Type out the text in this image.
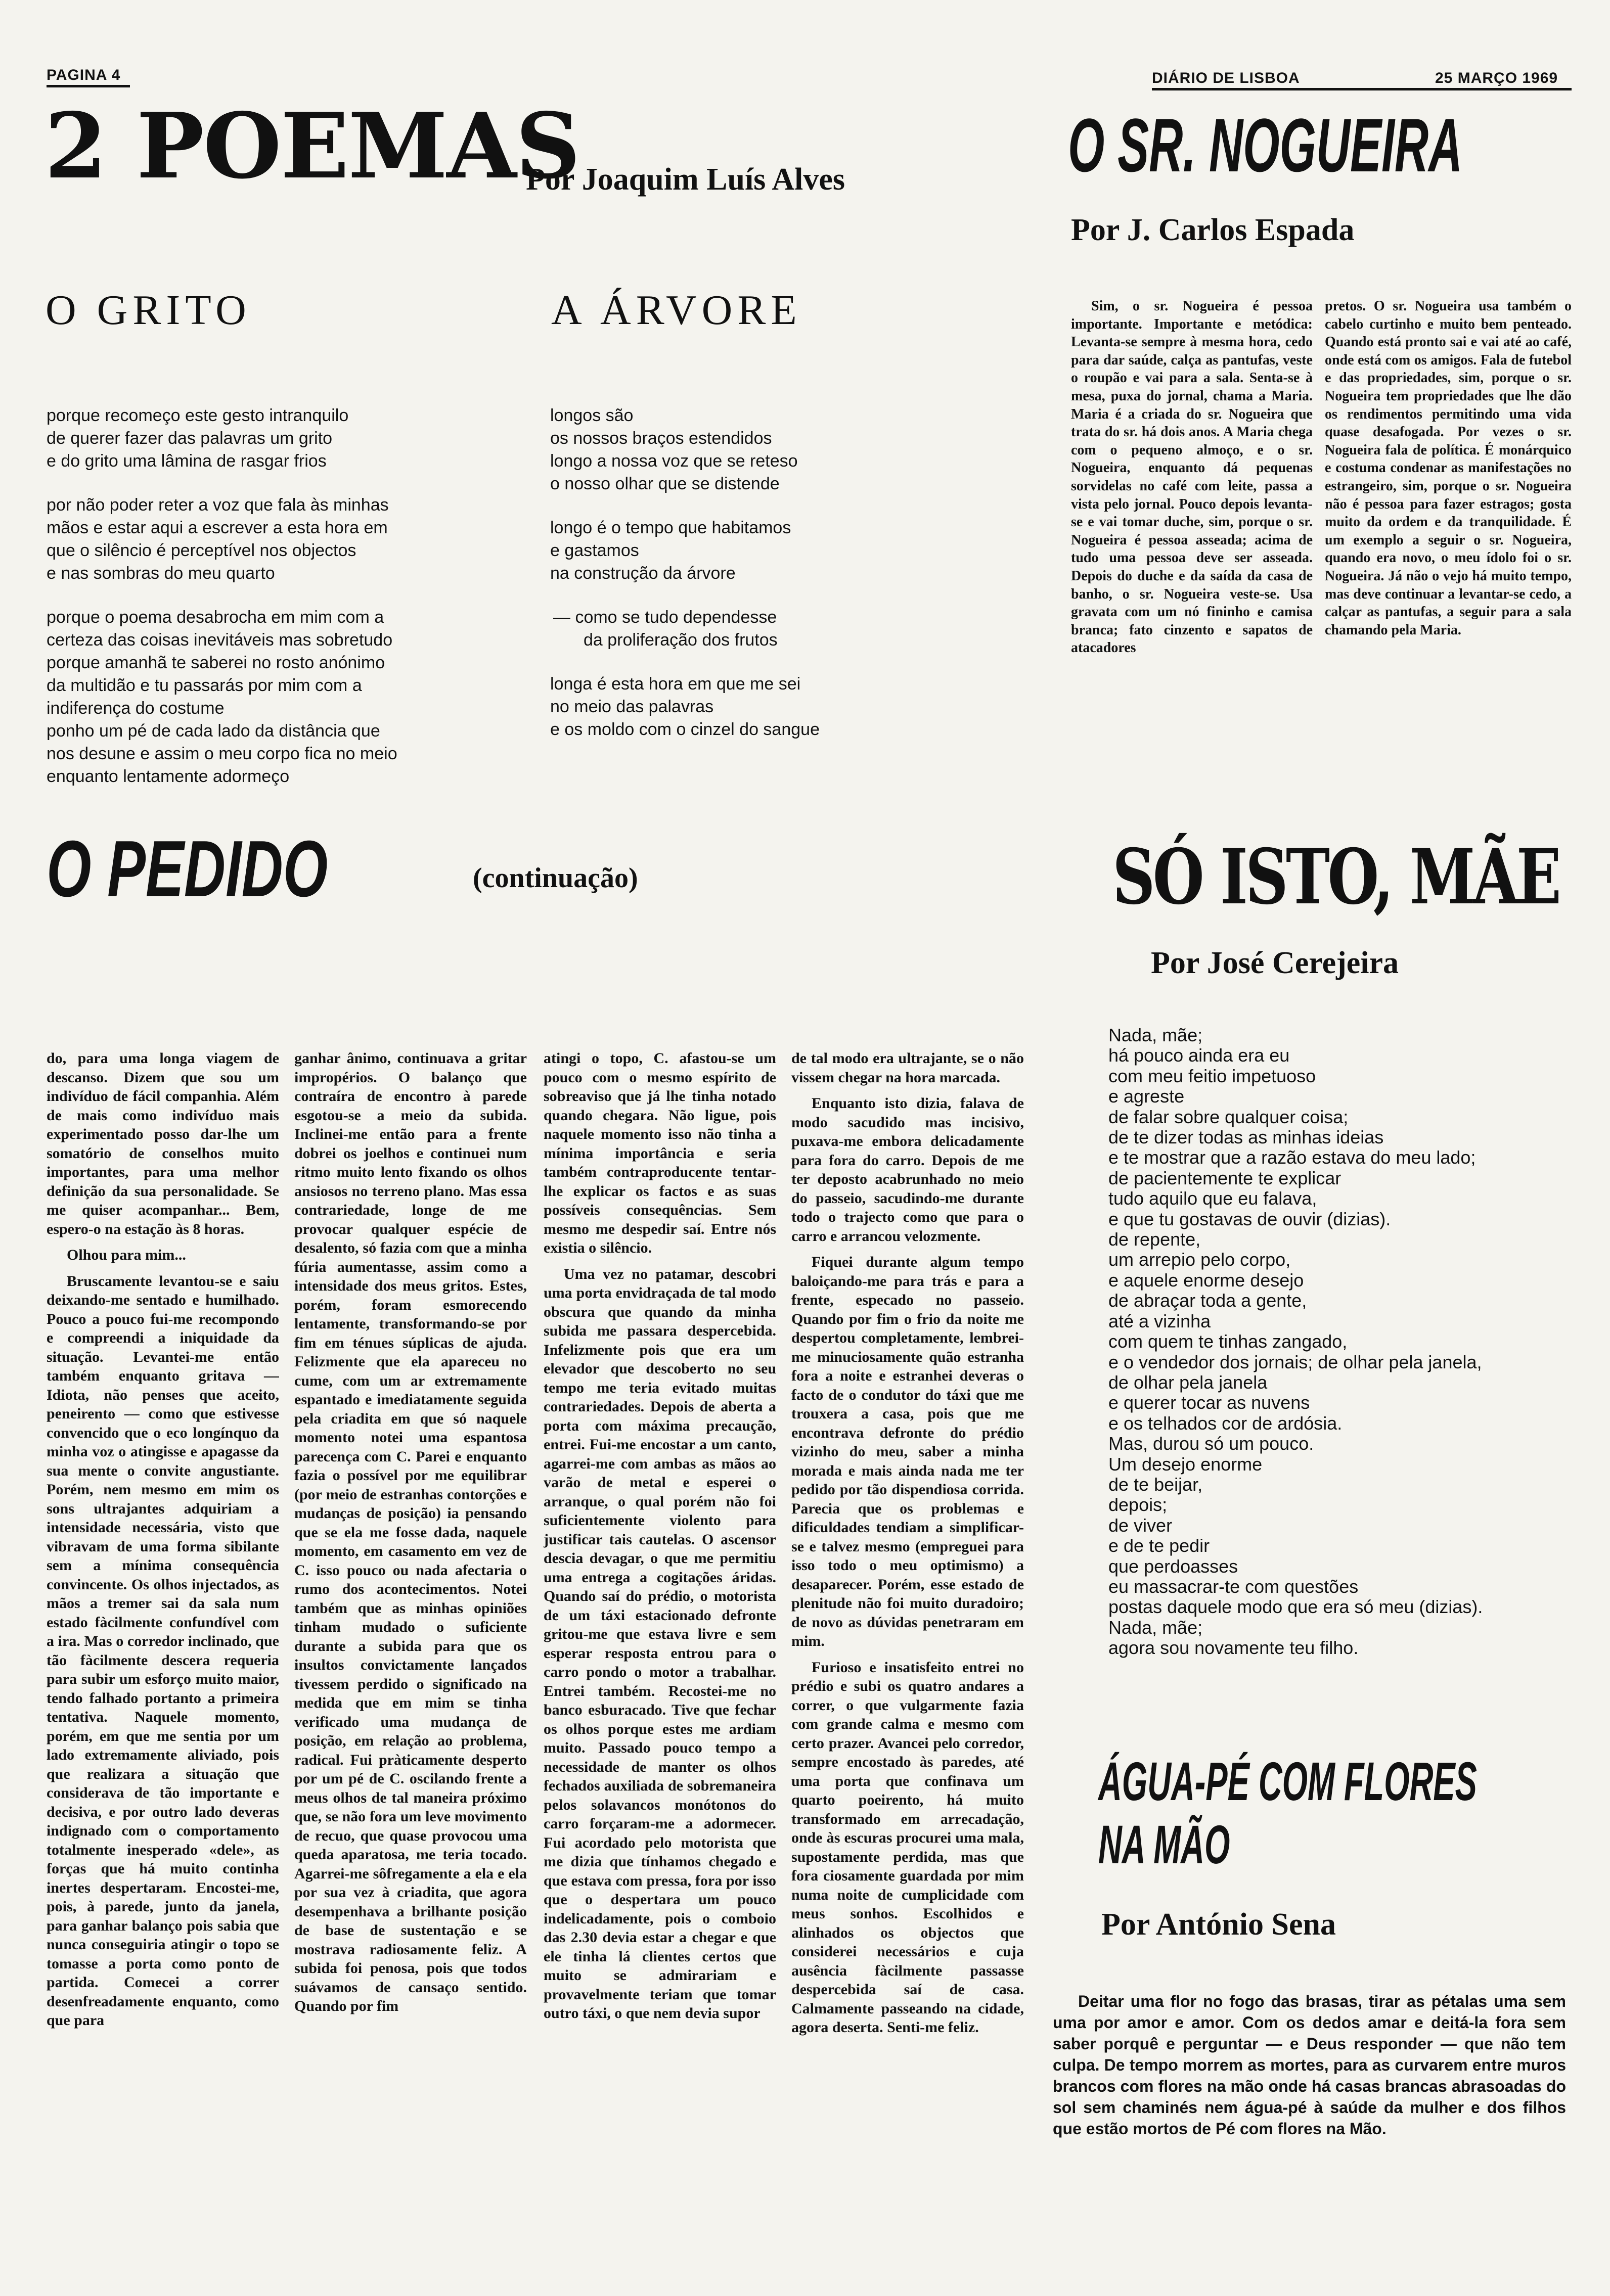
PAGINA 4	DIÁRIO DE LISBOA	25 MARÇO 1969
2 POEMAS
Por Joaquim Luís Alves
O GRITO	A ÁRVORE
porque recomeço este gesto intranquilo
de querer fazer das palavras um grito
e do grito uma lâmina de rasgar frios
por não poder reter a voz que fala às minhas
mãos e estar aqui a escrever a esta hora em
que o silêncio é perceptível nos objectos
e nas sombras do meu quarto
porque o poema desabrocha em mim com a
certeza das coisas inevitáveis mas sobretudo
porque amanhã te saberei no rosto anónimo
da multidão e tu passarás por mim com a
indiferença do costume
ponho um pé de cada lado da distância que
nos desune e assim o meu corpo fica no meio
enquanto lentamente adormeço
longos são
os nossos braços estendidos
longo a nossa voz que se reteso
o nosso olhar que se distende
longo é o tempo que habitamos
e gastamos
na construção da árvore
— como se tudo dependesse
da proliferação dos frutos
longa é esta hora em que me sei
no meio das palavras
e os moldo com o cinzel do sangue
O SR. NOGUEIRA
Por J. Carlos Espada

Sim, o sr. Nogueira é pessoa importante. Importante e metódica: Levanta-se sempre à mesma hora, cedo para dar saúde, calça as pantufas, veste o roupão e vai para a sala. Senta-se à mesa, puxa do jornal, chama a Maria. Maria é a criada do sr. Nogueira que trata do sr. há dois anos. A Maria chega com o pequeno almoço, e o sr. Nogueira, enquanto dá pequenas sorvidelas no café com leite, passa a vista pelo jornal. Pouco depois levanta-se e vai tomar duche, sim, porque o sr. Nogueira é pessoa asseada; acima de tudo uma pessoa deve ser asseada. Depois do duche e da saída da casa de banho, o sr. Nogueira veste-se. Usa gravata com um nó fininho e camisa branca; fato cinzento e sapatos de atacadores

pretos. O sr. Nogueira usa também o cabelo curtinho e muito bem penteado. Quando está pronto sai e vai até ao café, onde está com os amigos. Fala de futebol e das propriedades, sim, porque o sr. Nogueira tem propriedades que lhe dão os rendimentos permitindo uma vida quase desafogada. Por vezes o sr. Nogueira fala de política. É monárquico e costuma condenar as manifestações no estrangeiro, sim, porque o sr. Nogueira não é pessoa para fazer estragos; gosta muito da ordem e da tranquilidade. É um exemplo a seguir o sr. Nogueira, quando era novo, o meu ídolo foi o sr. Nogueira. Já não o vejo há muito tempo, mas deve continuar a levantar-se cedo, a calçar as pantufas, a seguir para a sala chamando pela Maria.

O PEDIDO	(continuação)

do, para uma longa viagem de descanso. Dizem que sou um indivíduo de fácil companhia. Além de mais como indivíduo mais experimentado posso dar-lhe um somatório de conselhos muito importantes, para uma melhor definição da sua personalidade. Se me quiser acompanhar... Bem, espero-o na estação às 8 horas.

Olhou para mim...

Bruscamente levantou-se e saiu deixando-me sentado e humilhado. Pouco a pouco fui-me recompondo e compreendi a iniquidade da situação. Levantei-me então também enquanto gritava — Idiota, não penses que aceito, peneirento — como que estivesse convencido que o eco longínquo da minha voz o atingisse e apagasse da sua mente o convite angustiante. Porém, nem mesmo em mim os sons ultrajantes adquiriam a intensidade necessária, visto que vibravam de uma forma sibilante sem a mínima consequência convincente. Os olhos injectados, as mãos a tremer sai da sala num estado fàcilmente confundível com a ira. Mas o corredor inclinado, que tão fàcilmente descera requeria para subir um esforço muito maior, tendo falhado portanto a primeira tentativa. Naquele momento, porém, em que me sentia por um lado extremamente aliviado, pois que realizara a situação que considerava de tão importante e decisiva, e por outro lado deveras indignado com o comportamento totalmente inesperado «dele», as forças que há muito continha inertes despertaram. Encostei-me, pois, à parede, junto da janela, para ganhar balanço pois sabia que nunca conseguiria atingir o topo se tomasse a porta como ponto de partida. Comecei a correr desenfreadamente enquanto, como que para

ganhar ânimo, continuava a gritar impropérios. O balanço que contraíra de encontro à parede esgotou-se a meio da subida. Inclinei-me então para a frente dobrei os joelhos e continuei num ritmo muito lento fixando os olhos ansiosos no terreno plano. Mas essa contrariedade, longe de me provocar qualquer espécie de desalento, só fazia com que a minha fúria aumentasse, assim como a intensidade dos meus gritos. Estes, porém, foram esmorecendo lentamente, transformando-se por fim em ténues súplicas de ajuda. Felizmente que ela apareceu no cume, com um ar extremamente espantado e imediatamente seguida pela criadita em que só naquele momento notei uma espantosa parecença com C. Parei e enquanto fazia o possível por me equilibrar (por meio de estranhas contorções e mudanças de posição) ia pensando que se ela me fosse dada, naquele momento, em casamento em vez de C. isso pouco ou nada afectaria o rumo dos acontecimentos. Notei também que as minhas opiniões tinham mudado o suficiente durante a subida para que os insultos convictamente lançados tivessem perdido o significado na medida que em mim se tinha verificado uma mudança de posição, em relação ao problema, radical. Fui pràticamente desperto por um pé de C. oscilando frente a meus olhos de tal maneira próximo que, se não fora um leve movimento de recuo, que quase provocou uma queda aparatosa, me teria tocado. Agarrei-me sôfregamente a ela e ela por sua vez à criadita, que agora desempenhava a brilhante posição de base de sustentação e se mostrava radiosamente feliz. A subida foi penosa, pois que todos suávamos de cansaço sentido. Quando por fim

atingi o topo, C. afastou-se um pouco com o mesmo espírito de sobreaviso que já lhe tinha notado quando chegara. Não ligue, pois naquele momento isso não tinha a mínima importância e seria também contraproducente tentar-lhe explicar os factos e as suas possíveis consequências. Sem mesmo me despedir saí. Entre nós existia o silêncio.

Uma vez no patamar, descobri uma porta envidraçada de tal modo obscura que quando da minha subida me passara despercebida. Infelizmente pois que era um elevador que descoberto no seu tempo me teria evitado muitas contrariedades. Depois de aberta a porta com máxima precaução, entrei. Fui-me encostar a um canto, agarrei-me com ambas as mãos ao varão de metal e esperei o arranque, o qual porém não foi suficientemente violento para justificar tais cautelas. O ascensor descia devagar, o que me permitiu uma entrega a cogitações áridas. Quando saí do prédio, o motorista de um táxi estacionado defronte gritou-me que estava livre e sem esperar resposta entrou para o carro pondo o motor a trabalhar. Entrei também. Recostei-me no banco esburacado. Tive que fechar os olhos porque estes me ardiam muito. Passado pouco tempo a necessidade de manter os olhos fechados auxiliada de sobremaneira pelos solavancos monótonos do carro forçaram-me a adormecer. Fui acordado pelo motorista que me dizia que tínhamos chegado e que estava com pressa, fora por isso que o despertara um pouco indelicadamente, pois o comboio das 2.30 devia estar a chegar e que ele tinha lá clientes certos que muito se admirariam e provavelmente teriam que tomar outro táxi, o que nem devia supor

de tal modo era ultrajante, se o não vissem chegar na hora marcada.

Enquanto isto dizia, falava de modo sacudido mas incisivo, puxava-me embora delicadamente para fora do carro. Depois de me ter deposto acabrunhado no meio do passeio, sacudindo-me durante todo o trajecto como que para o carro e arrancou velozmente.

Fiquei durante algum tempo baloiçando-me para trás e para a frente, especado no passeio. Quando por fim o frio da noite me despertou completamente, lembrei-me minuciosamente quão estranha fora a noite e estranhei deveras o facto de o condutor do táxi que me trouxera a casa, pois que me encontrava defronte do prédio vizinho do meu, saber a minha morada e mais ainda nada me ter pedido por tão dispendiosa corrida. Parecia que os problemas e dificuldades tendiam a simplificar-se e talvez mesmo (empreguei para isso todo o meu optimismo) a desaparecer. Porém, esse estado de plenitude não foi muito duradoiro; de novo as dúvidas penetraram em mim.

Furioso e insatisfeito entrei no prédio e subi os quatro andares a correr, o que vulgarmente fazia com grande calma e mesmo com certo prazer. Avancei pelo corredor, sempre encostado às paredes, até uma porta que confinava um quarto poeirento, há muito transformado em arrecadação, onde às escuras procurei uma mala, supostamente perdida, mas que fora ciosamente guardada por mim numa noite de cumplicidade com meus sonhos. Escolhidos e alinhados os objectos que considerei necessários e cuja ausência fàcilmente passasse despercebida saí de casa. Calmamente passeando na cidade, agora deserta. Senti-me feliz.

SÓ ISTO, MÃE
Por José Cerejeira
Nada, mãe;
há pouco ainda era eu
com meu feitio impetuoso
e agreste
de falar sobre qualquer coisa;
de te dizer todas as minhas ideias
e te mostrar que a razão estava do meu lado;
de pacientemente te explicar
tudo aquilo que eu falava,
e que tu gostavas de ouvir (dizias).
de repente,
um arrepio pelo corpo,
e aquele enorme desejo
de abraçar toda a gente,
até a vizinha
com quem te tinhas zangado,
e o vendedor dos jornais; de olhar pela janela,
de olhar pela janela
e querer tocar as nuvens
e os telhados cor de ardósia.
Mas, durou só um pouco.
Um desejo enorme
de te beijar,
depois;
de viver
e de te pedir
que perdoasses
eu massacrar-te com questões
postas daquele modo que era só meu (dizias).
Nada, mãe;
agora sou novamente teu filho.
ÁGUA-PÉ COM FLORES
NA MÃO
Por António Sena

Deitar uma flor no fogo das brasas, tirar as pétalas uma sem uma por amor e amor. Com os dedos amar e deitá-la fora sem saber porquê e perguntar — e Deus responder — que não tem culpa. De tempo morrem as mortes, para as curvarem entre muros brancos com flores na mão onde há casas brancas abrasoadas do sol sem chaminés nem água-pé à saúde da mulher e dos filhos que estão mortos de Pé com flores na Mão.
